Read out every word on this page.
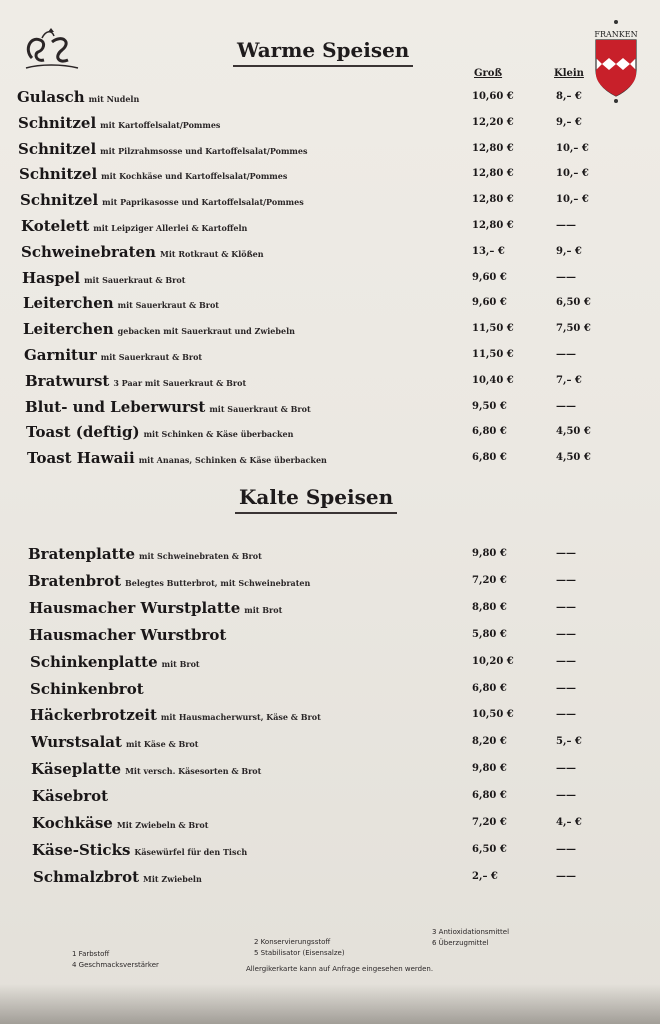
FRANKEN
Warme Speisen
Groß	Klein
Gulasch mit Nudeln	10,60 €	8,– €
Schnitzel mit Kartoffelsalat/Pommes	12,20 €	9,– €
Schnitzel mit Pilzrahmsosse und Kartoffelsalat/Pommes	12,80 €	10,– €
Schnitzel mit Kochkäse und Kartoffelsalat/Pommes	12,80 €	10,– €
Schnitzel mit Paprikasosse und Kartoffelsalat/Pommes	12,80 €	10,– €
Kotelett mit Leipziger Allerlei & Kartoffeln	12,80 €	——
Schweinebraten Mit Rotkraut & Klößen	13,– €	9,– €
Haspel mit Sauerkraut & Brot	9,60 €	——
Leiterchen mit Sauerkraut & Brot	9,60 €	6,50 €
Leiterchen gebacken mit Sauerkraut und Zwiebeln	11,50 €	7,50 €
Garnitur mit Sauerkraut & Brot	11,50 €	——
Bratwurst 3 Paar mit Sauerkraut & Brot	10,40 €	7,– €
Blut- und Leberwurst mit Sauerkraut & Brot	9,50 €	——
Toast (deftig) mit Schinken & Käse überbacken	6,80 €	4,50 €
Toast Hawaii mit Ananas, Schinken & Käse überbacken	6,80 €	4,50 €
Kalte Speisen
Bratenplatte mit Schweinebraten & Brot	9,80 €	——
Bratenbrot Belegtes Butterbrot, mit Schweinebraten	7,20 €	——
Hausmacher Wurstplatte mit Brot	8,80 €	——
Hausmacher Wurstbrot	5,80 €	——
Schinkenplatte mit Brot	10,20 €	——
Schinkenbrot	6,80 €	——
Häckerbrotzeit mit Hausmacherwurst, Käse & Brot	10,50 €	——
Wurstsalat mit Käse & Brot	8,20 €	5,– €
Käseplatte Mit versch. Käsesorten & Brot	9,80 €	——
Käsebrot	6,80 €	——
Kochkäse Mit Zwiebeln & Brot	7,20 €	4,– €
Käse-Sticks Käsewürfel für den Tisch	6,50 €	——
Schmalzbrot Mit Zwiebeln	2,– €	——
1 Farbstoff
4 Geschmacksverstärker
2 Konservierungsstoff
5 Stabilisator (Eisensalze)
3 Antioxidationsmittel
6 Überzugmittel
Allergikerkarte kann auf Anfrage eingesehen werden.
